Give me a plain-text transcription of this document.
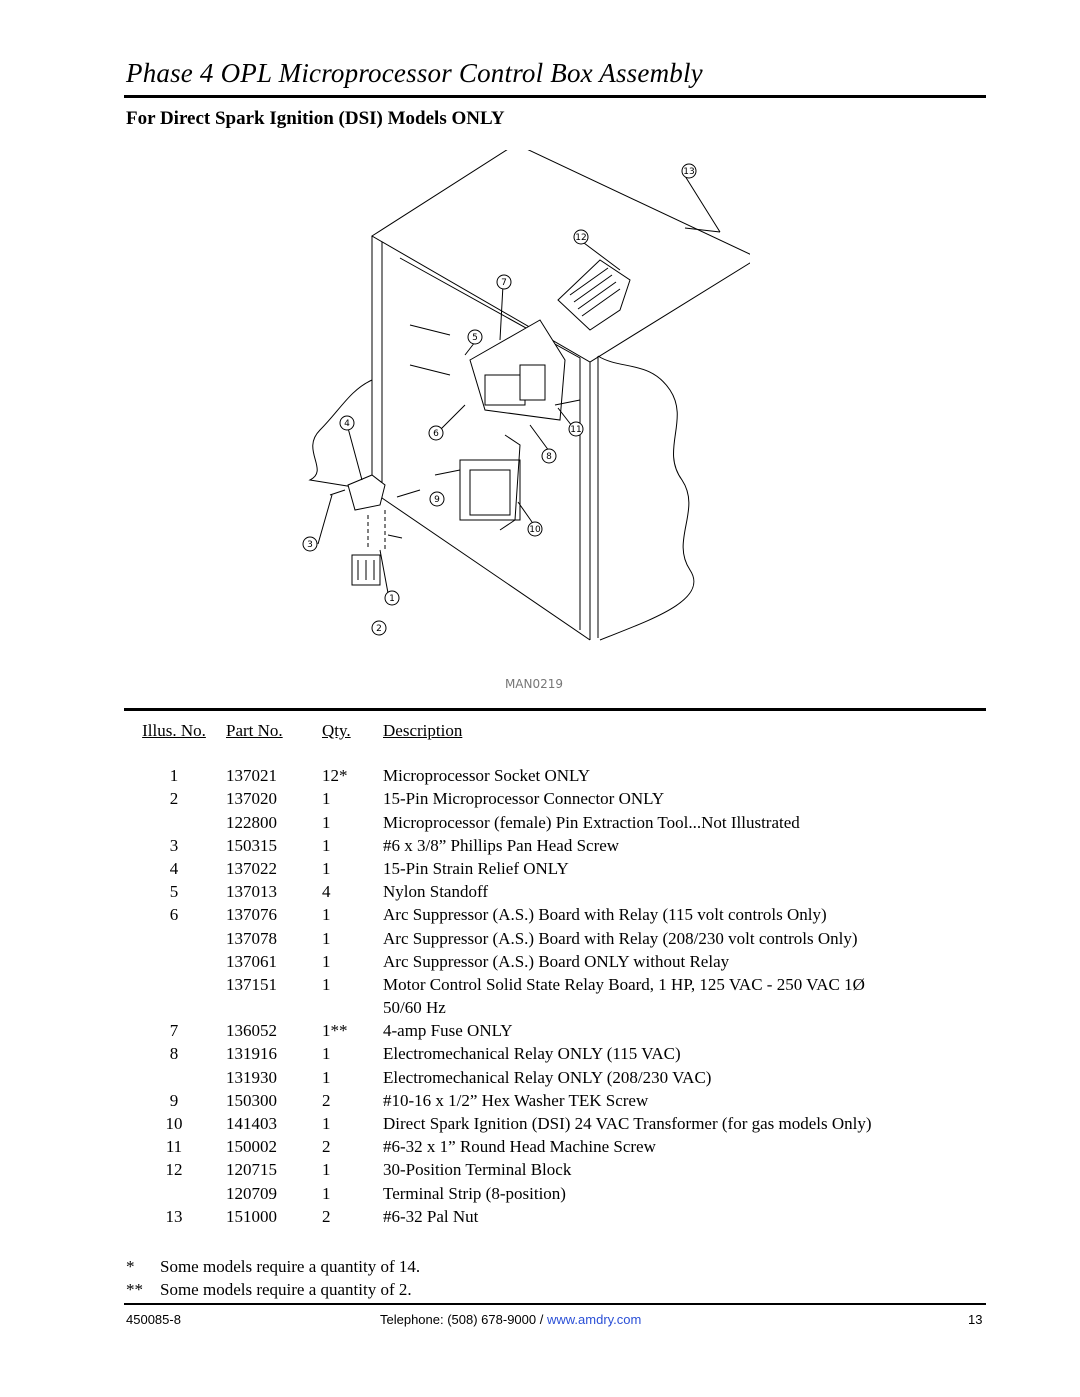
Phase 4 OPL Microprocessor Control Box Assembly
For Direct Spark Ignition (DSI) Models ONLY
13
12
7
5
4
6	11
8
9
10
3
1
2
MAN0219
Illus. No.	Part No.	Qty.	Description
1	137021	12*	Microprocessor Socket ONLY
2	137020	1	15-Pin Microprocessor Connector ONLY
	122800	1	Microprocessor (female) Pin Extraction Tool...Not Illustrated
3	150315	1	#6 x 3/8” Phillips Pan Head Screw
4	137022	1	15-Pin Strain Relief ONLY
5	137013	4	Nylon Standoff
6	137076	1	Arc Suppressor (A.S.) Board with Relay (115 volt controls Only)
	137078	1	Arc Suppressor (A.S.) Board with Relay (208/230 volt controls Only)
	137061	1	Arc Suppressor (A.S.) Board ONLY without Relay
	137151	1	Motor Control Solid State Relay Board, 1 HP, 125 VAC - 250 VAC 1Ø
			50/60 Hz
7	136052	1**	4-amp Fuse ONLY
8	131916	1	Electromechanical Relay ONLY (115 VAC)
	131930	1	Electromechanical Relay ONLY (208/230 VAC)
9	150300	2	#10-16 x 1/2” Hex Washer TEK Screw
10	141403	1	Direct Spark Ignition (DSI) 24 VAC Transformer (for gas models Only)
11	150002	2	#6-32 x 1” Round Head Machine Screw
12	120715	1	30-Position Terminal Block
	120709	1	Terminal Strip (8-position)
13	151000	2	#6-32 Pal Nut
* Some models require a quantity of 14.
** Some models require a quantity of 2.
450085-8	Telephone: (508) 678-9000 / www.amdry.com	13
